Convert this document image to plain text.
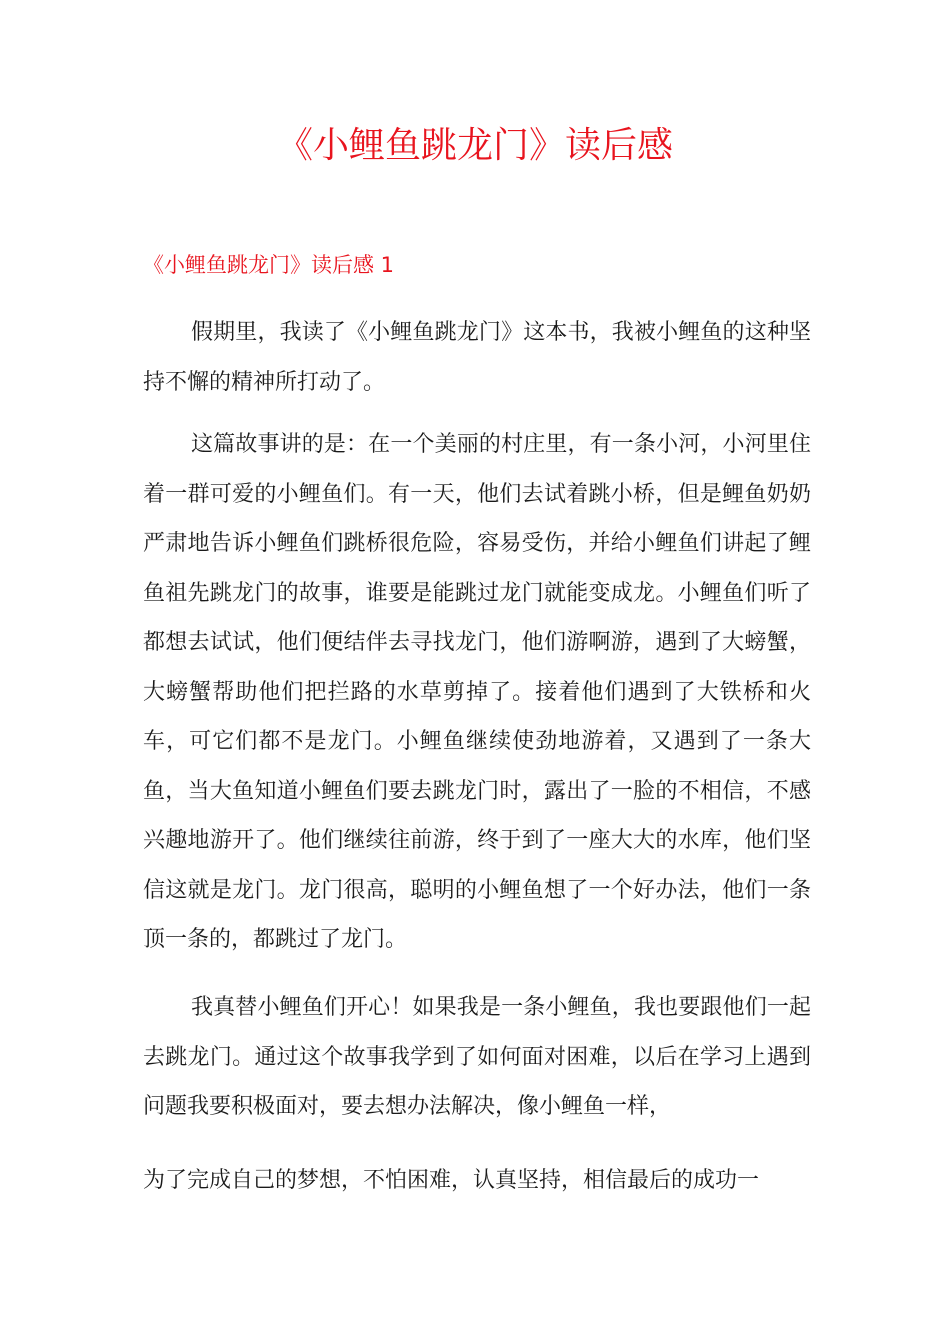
《小鲤鱼跳龙门》读后感
《小鲤鱼跳龙门》读后感 1

假期里，我读了《小鲤鱼跳龙门》这本书，我被小鲤鱼的这种坚持不懈的精神所打动了。

这篇故事讲的是：在一个美丽的村庄里，有一条小河，小河里住着一群可爱的小鲤鱼们。有一天，他们去试着跳小桥，但是鲤鱼奶奶严肃地告诉小鲤鱼们跳桥很危险，容易受伤，并给小鲤鱼们讲起了鲤鱼祖先跳龙门的故事，谁要是能跳过龙门就能变成龙。小鲤鱼们听了都想去试试，他们便结伴去寻找龙门，他们游啊游，遇到了大螃蟹，大螃蟹帮助他们把拦路的水草剪掉了。接着他们遇到了大铁桥和火车，可它们都不是龙门。小鲤鱼继续使劲地游着，又遇到了一条大鱼，当大鱼知道小鲤鱼们要去跳龙门时，露出了一脸的不相信，不感兴趣地游开了。他们继续往前游，终于到了一座大大的水库，他们坚信这就是龙门。龙门很高，聪明的小鲤鱼想了一个好办法，他们一条顶一条的，都跳过了龙门。

我真替小鲤鱼们开心！如果我是一条小鲤鱼，我也要跟他们一起去跳龙门。通过这个故事我学到了如何面对困难，以后在学习上遇到问题我要积极面对，要去想办法解决，像小鲤鱼一样，

为了完成自己的梦想，不怕困难，认真坚持，相信最后的成功一
